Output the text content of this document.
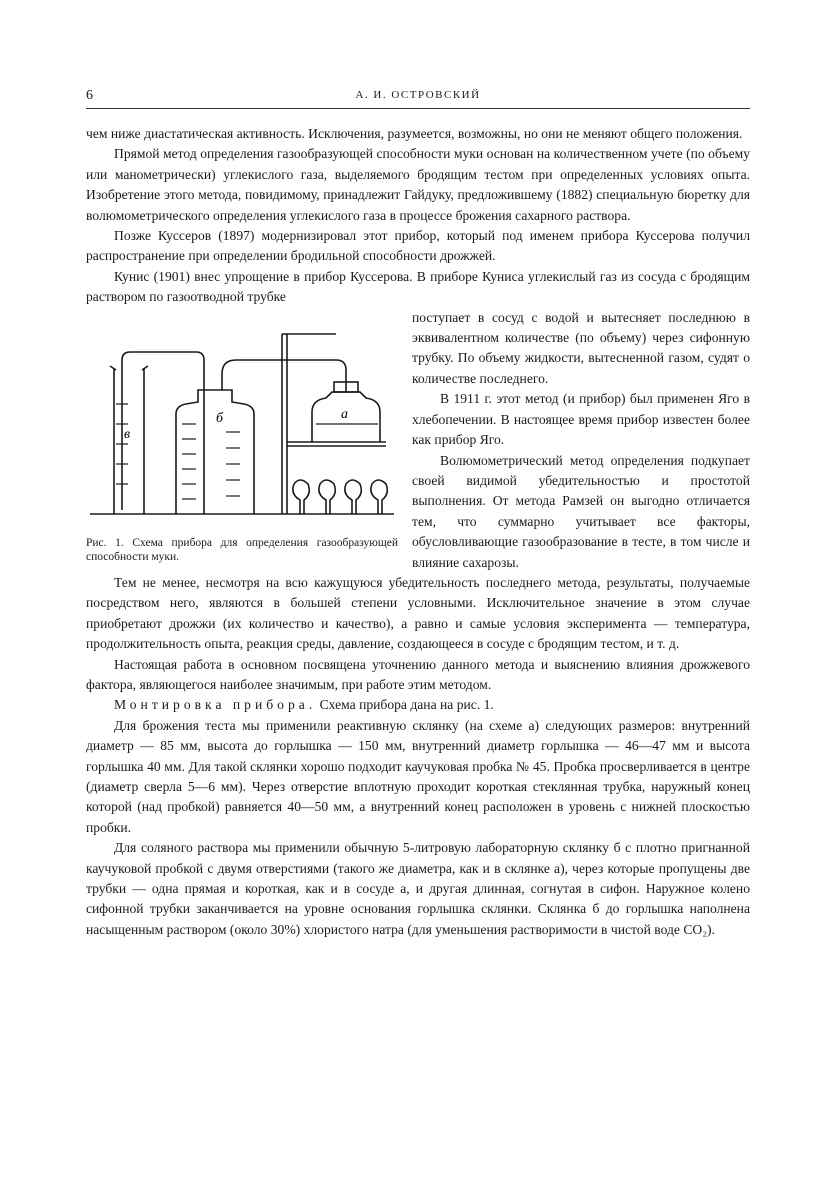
6	А. И. ОСТРОВСКИЙ

чем ниже диастатическая активность. Исключения, разумеется, возможны, но они не меняют общего положения.

Прямой метод определения газообразующей способности муки основан на количественном учете (по объему или манометрически) углекислого газа, выделяемого бродящим тестом при определенных условиях опыта. Изобретение этого метода, повидимому, принадлежит Гайдуку, предложившему (1882) специальную бюретку для волюмометрического определения углекислого газа в процессе брожения сахарного раствора.

Позже Куссеров (1897) модернизировал этот прибор, который под именем прибора Куссерова получил распространение при определении бродильной способности дрожжей.

Кунис (1901) внес упрощение в прибор Куссерова. В приборе Куниса углекислый газ из сосуда с бродящим раствором по газоотводной трубке

в
б	а
Рис. 1. Схема прибора для определения газообразующей способности муки.

поступает в сосуд с водой и вытесняет последнюю в эквивалентном количестве (по объему) через сифонную трубку. По объему жидкости, вытесненной газом, судят о количестве последнего.

В 1911 г. этот метод (и прибор) был применен Яго в хлебопечении. В настоящее время прибор известен более как прибор Яго.

Волюмометрический метод определения подкупает своей видимой убедительностью и простотой выполнения. От метода Рамзей он выгодно отличается тем, что суммарно учитывает все факторы, обусловливающие газообразование в тесте, в том числе и влияние сахарозы.

Тем не менее, несмотря на всю кажущуюся убедительность последнего метода, результаты, получаемые посредством него, являются в большей степени условными. Исключительное значение в этом случае приобретают дрожжи (их количество и качество), а равно и самые условия эксперимента — температура, продолжительность опыта, реакция среды, давление, создающееся в сосуде с бродящим тестом, и т. д.

Настоящая работа в основном посвящена уточнению данного метода и выяснению влияния дрожжевого фактора, являющегося наиболее значимым, при работе этим методом.

Монтировка прибора. Схема прибора дана на рис. 1.

Для брожения теста мы применили реактивную склянку (на схеме а) следующих размеров: внутренний диаметр — 85 мм, высота до горлышка — 150 мм, внутренний диаметр горлышка — 46—47 мм и высота горлышка 40 мм. Для такой склянки хорошо подходит каучуковая пробка № 45. Пробка просверливается в центре (диаметр сверла 5—6 мм). Через отверстие вплотную проходит короткая стеклянная трубка, наружный конец которой (над пробкой) равняется 40—50 мм, а внутренний конец расположен в уровень с нижней плоскостью пробки.

Для соляного раствора мы применили обычную 5-литровую лабораторную склянку б с плотно пригнанной каучуковой пробкой с двумя отверстиями (такого же диаметра, как и в склянке а), через которые пропущены две трубки — одна прямая и короткая, как и в сосуде а, и другая длинная, согнутая в сифон. Наружное колено сифонной трубки заканчивается на уровне основания горлышка склянки. Склянка б до горлышка наполнена насыщенным раствором (около 30%) хлористого натра (для уменьшения растворимости в чистой воде CO₂).
